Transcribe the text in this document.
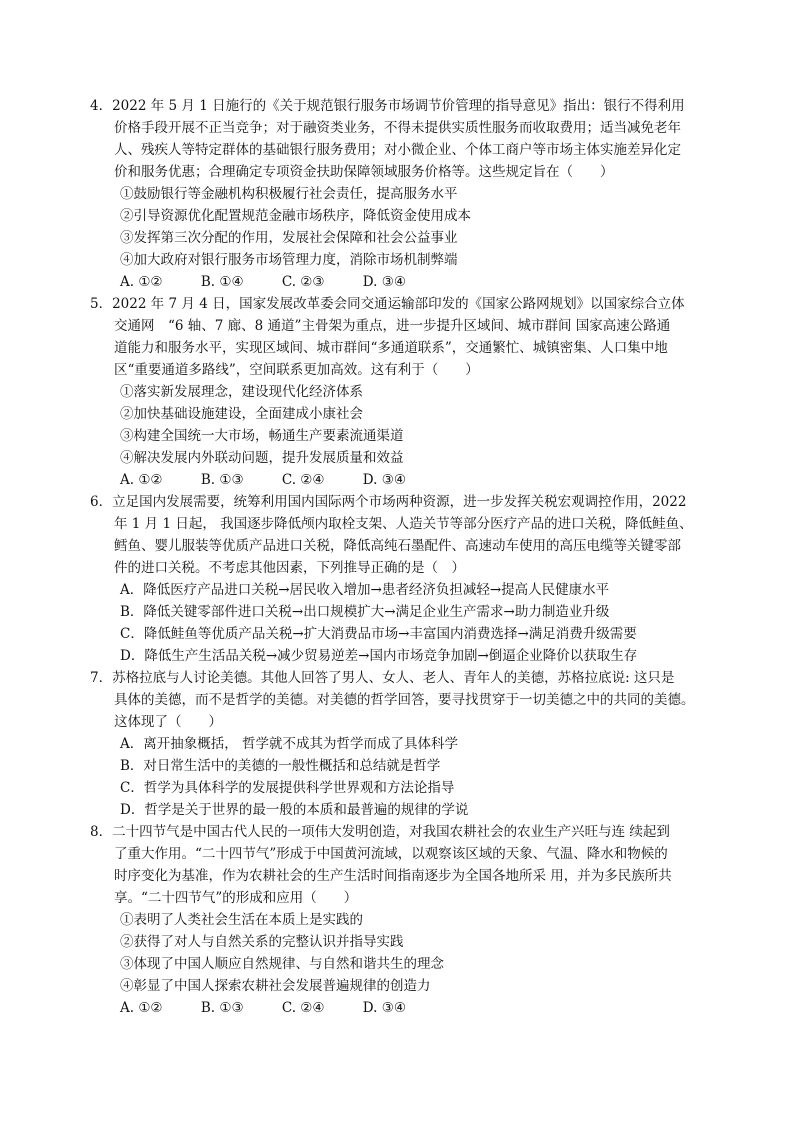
4．2022 年 5 月 1 日施行的《关于规范银行服务市场调节价管理的指导意见》指出：银行不得利用
价格手段开展不正当竞争；对于融资类业务，不得未提供实质性服务而收取费用；适当减免老年
人、残疾人等特定群体的基础银行服务费用；对小微企业、个体工商户等市场主体实施差异化定
价和服务优惠；合理确定专项资金扶助保障领域服务价格等。这些规定旨在（　　）
①鼓励银行等金融机构积极履行社会责任，提高服务水平
②引导资源优化配置规范金融市场秩序，降低资金使用成本
③发挥第三次分配的作用，发展社会保障和社会公益事业
④加大政府对银行服务市场管理力度，消除市场机制弊端
A. ①②	B. ①④	C. ②③	D. ③④
5．2022 年 7 月 4 日，国家发展改革委会同交通运输部印发的《国家公路网规划》以国家综合立体
交通网　“6 轴、7 廊、8 通道”主骨架为重点，进一步提升区域间、城市群间 国家高速公路通
道能力和服务水平，实现区域间、城市群间“多通道联系”，交通繁忙、城镇密集、人口集中地
区“重要通道多路线”，空间联系更加高效。这有利于（　　）
①落实新发展理念，建设现代化经济体系
②加快基础设施建设，全面建成小康社会
③构建全国统一大市场，畅通生产要素流通渠道
④解决发展内外联动问题，提升发展质量和效益
A. ①②	B. ①③	C. ②④	D. ③④
6．立足国内发展需要，统筹利用国内国际两个市场两种资源，进一步发挥关税宏观调控作用，2022
年 1 月 1 日起， 我国逐步降低颅内取栓支架、人造关节等部分医疗产品的进口关税，降低鲑鱼、
鳕鱼、婴儿服装等优质产品进口关税，降低高纯石墨配件、高速动车使用的高压电缆等关键零部
件的进口关税。不考虑其他因素，下列推导正确的是（　）
A．降低医疗产品进口关税→居民收入增加→患者经济负担减轻→提高人民健康水平
B．降低关键零部件进口关税→出口规模扩大→满足企业生产需求→助力制造业升级
C．降低鲑鱼等优质产品关税→扩大消费品市场→丰富国内消费选择→满足消费升级需要
D．降低生产生活品关税→减少贸易逆差→国内市场竞争加剧→倒逼企业降价以获取生存
7．苏格拉底与人讨论美德。其他人回答了男人、女人、老人、青年人的美德，苏格拉底说: 这只是
具体的美德，而不是哲学的美德。对美德的哲学回答，要寻找贯穿于一切美德之中的共同的美德。
这体现了（　　）
A．离开抽象概括， 哲学就不成其为哲学而成了具体科学
B．对日常生活中的美德的一般性概括和总结就是哲学
C．哲学为具体科学的发展提供科学世界观和方法论指导
D．哲学是关于世界的最一般的本质和最普遍的规律的学说
8．二十四节气是中国古代人民的一项伟大发明创造，对我国农耕社会的农业生产兴旺与连 续起到
了重大作用。“二十四节气”形成于中国黄河流域，以观察该区域的天象、气温、降水和物候的
时序变化为基准，作为农耕社会的生产生活时间指南逐步为全国各地所采 用，并为多民族所共
享。“二十四节气”的形成和应用（　　）
①表明了人类社会生活在本质上是实践的
②获得了对人与自然关系的完整认识并指导实践
③体现了中国人顺应自然规律、与自然和谐共生的理念
④彰显了中国人探索农耕社会发展普遍规律的创造力
A. ①②	B. ①③	C. ②④	D. ③④
